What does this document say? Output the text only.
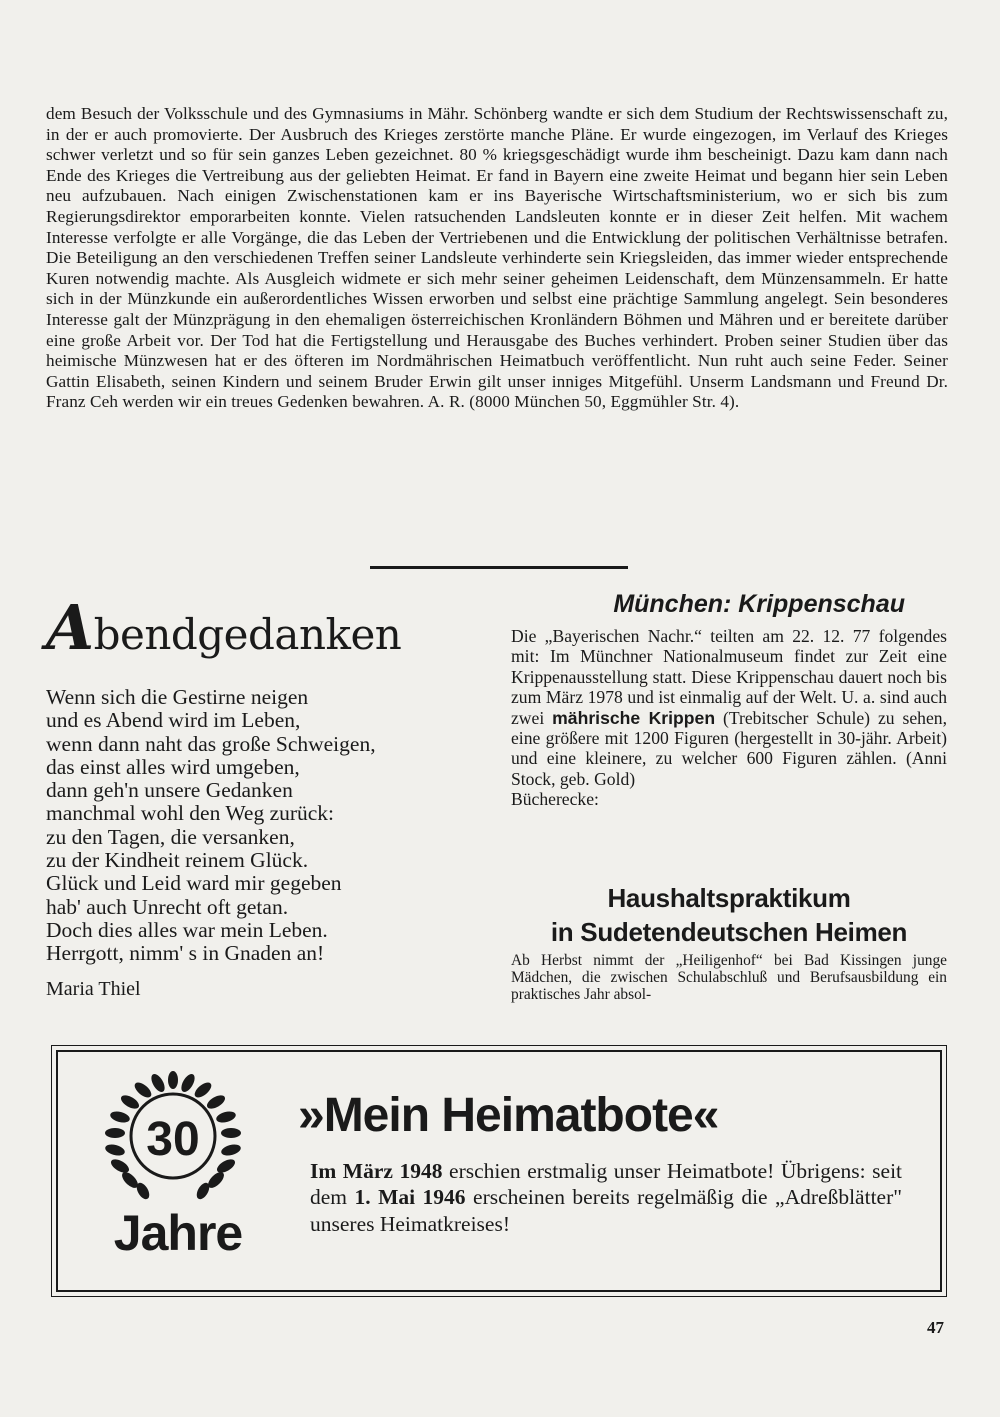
dem Besuch der Volksschule und des Gymnasiums in Mähr. Schönberg wandte er sich dem Studium der Rechtswissenschaft zu, in der er auch promovierte. Der Ausbruch des Krieges zerstörte manche Pläne. Er wurde eingezogen, im Verlauf des Krieges schwer verletzt und so für sein ganzes Leben gezeichnet. 80 % kriegsgeschädigt wurde ihm bescheinigt. Dazu kam dann nach Ende des Krieges die Vertreibung aus der geliebten Heimat. Er fand in Bayern eine zweite Heimat und begann hier sein Leben neu aufzubauen. Nach einigen Zwischenstationen kam er ins Bayerische Wirtschaftsministerium, wo er sich bis zum Regierungsdirektor emporarbeiten konnte. Vielen ratsuchenden Landsleuten konnte er in dieser Zeit helfen. Mit wachem Interesse verfolgte er alle Vorgänge, die das Leben der Vertriebenen und die Entwicklung der politischen Verhältnisse betrafen. Die Beteiligung an den verschiedenen Treffen seiner Landsleute verhinderte sein Kriegsleiden, das immer wieder entsprechende Kuren notwendig machte. Als Ausgleich widmete er sich mehr seiner geheimen Leidenschaft, dem Münzensammeln. Er hatte sich in der Münzkunde ein außerordentliches Wissen erworben und selbst eine prächtige Sammlung angelegt. Sein besonderes Interesse galt der Münzprägung in den ehemaligen österreichischen Kronländern Böhmen und Mähren und er bereitete darüber eine große Arbeit vor. Der Tod hat die Fertigstellung und Herausgabe des Buches verhindert. Proben seiner Studien über das heimische Münzwesen hat er des öfteren im Nordmährischen Heimatbuch veröffentlicht. Nun ruht auch seine Feder. Seiner Gattin Elisabeth, seinen Kindern und seinem Bruder Erwin gilt unser inniges Mitgefühl. Unserm Landsmann und Freund Dr. Franz Ceh werden wir ein treues Gedenken bewahren. A. R. (8000 München 50, Eggmühler Str. 4).

Abendgedanken
Wenn sich die Gestirne neigen
und es Abend wird im Leben,
wenn dann naht das große Schweigen,
das einst alles wird umgeben,
dann geh'n unsere Gedanken
manchmal wohl den Weg zurück:
zu den Tagen, die versanken,
zu der Kindheit reinem Glück.
Glück und Leid ward mir gegeben
hab' auch Unrecht oft getan.
Doch dies alles war mein Leben.
Herrgott, nimm' s in Gnaden an!
Maria Thiel
München: Krippenschau

Die „Bayerischen Nachr.“ teilten am 22. 12. 77 folgendes mit: Im Münchner Nationalmuseum findet zur Zeit eine Krippenausstellung statt. Diese Krippenschau dauert noch bis zum März 1978 und ist einmalig auf der Welt. U. a. sind auch zwei mährische Krippen (Trebitscher Schule) zu sehen, eine größere mit 1200 Figuren (hergestellt in 30-jähr. Arbeit) und eine kleinere, zu welcher 600 Figuren zählen. (Anni Stock, geb. Gold)

Bücherecke:

Haushaltspraktikum
in Sudetendeutschen Heimen
Ab Herbst nimmt der „Heiligenhof“ bei Bad Kissingen junge Mädchen, die zwischen Schulabschluß und Berufsausbildung ein praktisches Jahr absol-
30
Jahre
»Mein Heimatbote«
Im März 1948 erschien erstmalig unser Heimatbote! Übrigens: seit dem 1. Mai 1946 erscheinen bereits regelmäßig die „Adreßblätter" unseres Heimatkreises!
47
